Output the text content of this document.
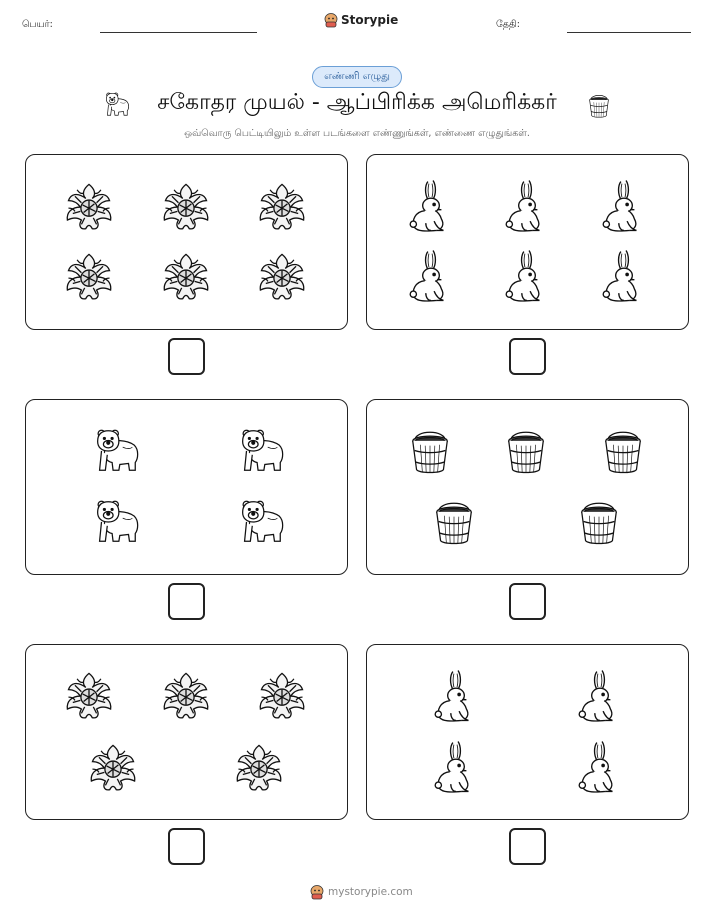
பெயர்:	Storypie	தேதி:
எண்ணி எழுது
சகோதர முயல் - ஆப்பிரிக்க அமெரிக்கர்
ஒவ்வொரு பெட்டியிலும் உள்ள படங்களை எண்ணுங்கள், எண்ணை எழுதுங்கள்.
mystorypie.com
